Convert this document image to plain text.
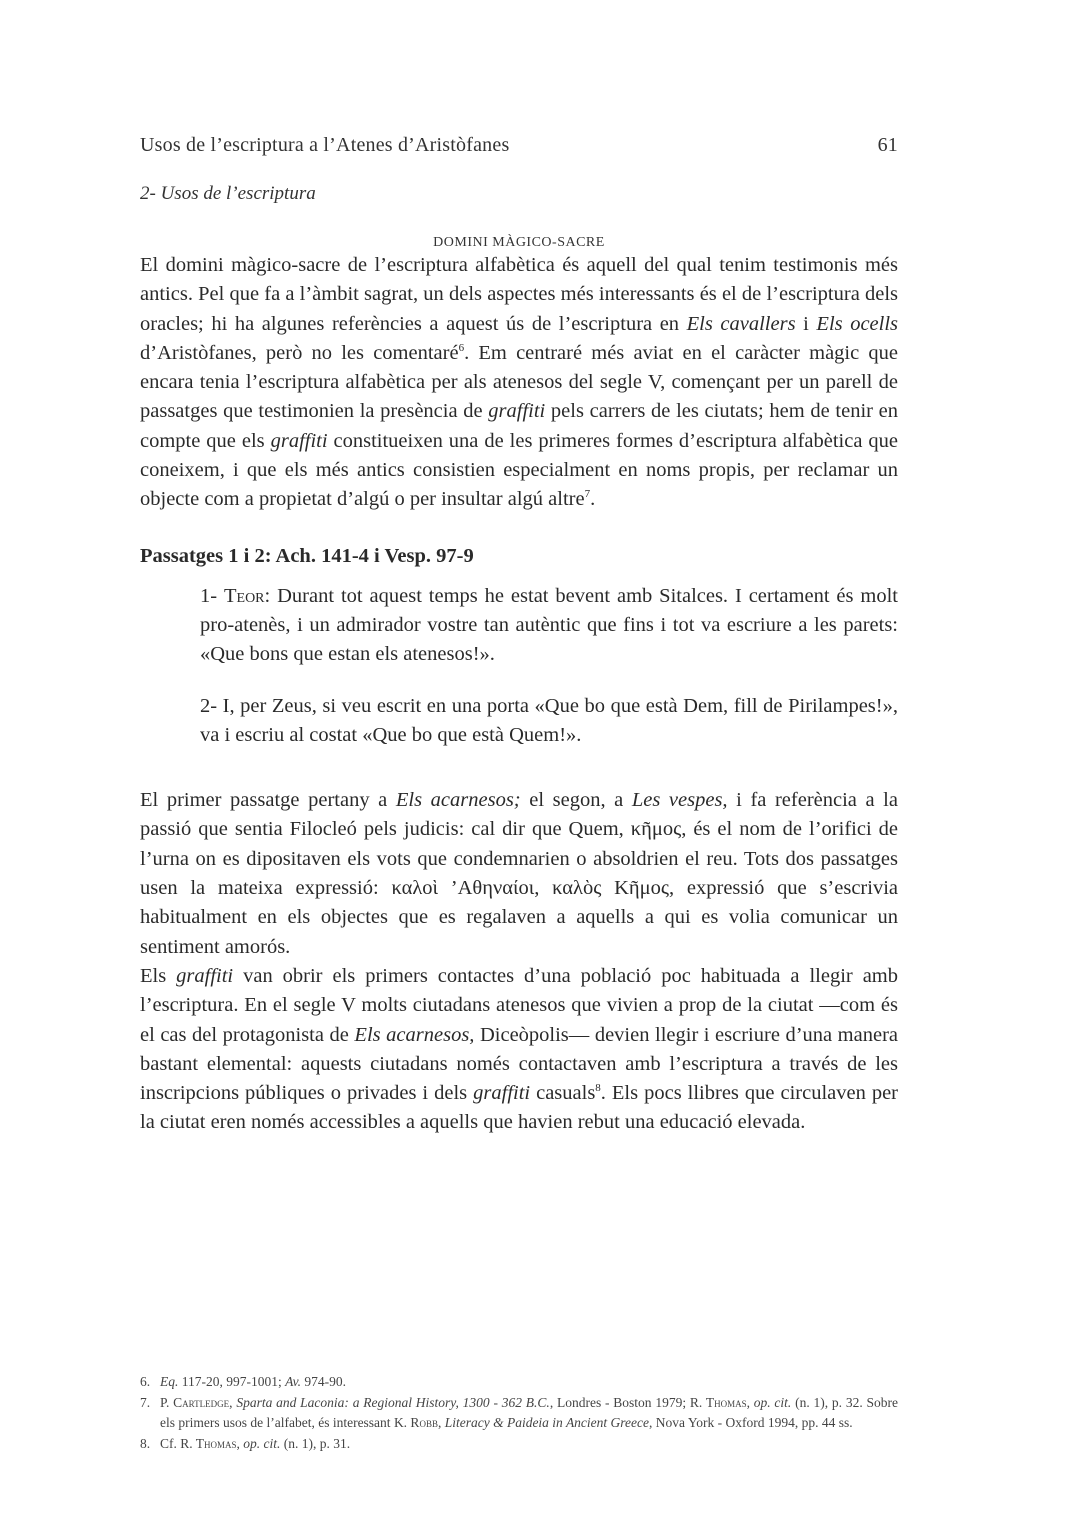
Usos de l’escriptura a l’Atenes d’Aristòfanes	61
2- Usos de l’escriptura
DOMINI MÀGICO-SACRE

El domini màgico-sacre de l’escriptura alfabètica és aquell del qual tenim testimonis més antics. Pel que fa a l’àmbit sagrat, un dels aspectes més interessants és el de l’escriptura dels oracles; hi ha algunes referències a aquest ús de l’escriptura en Els cavallers i Els ocells d’Aristòfanes, però no les comentaré$^6$. Em centraré més aviat en el caràcter màgic que encara tenia l’escriptura alfabètica per als atenesos del segle V, començant per un parell de passatges que testimonien la presència de graffiti pels carrers de les ciutats; hem de tenir en compte que els graffiti constitueixen una de les primeres formes d’escriptura alfabètica que coneixem, i que els més antics consistien especialment en noms propis, per reclamar un objecte com a propietat d’algú o per insultar algú altre$^7$.

Passatges 1 i 2: Ach. 141-4 i Vesp. 97-9
1- Teor: Durant tot aquest temps he estat bevent amb Sitalces. I certament és molt pro-atenès, i un admirador vostre tan autèntic que fins i tot va escriure a les parets: «Que bons que estan els atenesos!».
2- I, per Zeus, si veu escrit en una porta «Que bo que està Dem, fill de Pirilampes!», va i escriu al costat «Que bo que està Quem!».

El primer passatge pertany a Els acarnesos; el segon, a Les vespes, i fa referència a la passió que sentia Filocleó pels judicis: cal dir que Quem, κῆμος, és el nom de l’orifici de l’urna on es dipositaven els vots que condemnarien o absoldrien el reu. Tots dos passatges usen la mateixa expressió: καλοὶ ’Αθηναίοι, καλὸς Κῆμος, expressió que s’escrivia habitualment en els objectes que es regalaven a aquells a qui es volia comunicar un sentiment amorós.

Els graffiti van obrir els primers contactes d’una població poc habituada a llegir amb l’escriptura. En el segle V molts ciutadans atenesos que vivien a prop de la ciutat —com és el cas del protagonista de Els acarnesos, Diceòpolis— devien llegir i escriure d’una manera bastant elemental: aquests ciutadans només contactaven amb l’escriptura a través de les inscripcions públiques o privades i dels graffiti casuals$^8$. Els pocs llibres que circulaven per la ciutat eren només accessibles a aquells que havien rebut una educació elevada.

6. Eq. 117-20, 997-1001; Av. 974-90.
7. P. Cartledge, Sparta and Laconia: a Regional History, 1300 - 362 B.C., Londres - Boston 1979; R. Thomas, op. cit. (n. 1), p. 32. Sobre els primers usos de l’alfabet, és interessant K. Robb, Literacy & Paideia in Ancient Greece, Nova York - Oxford 1994, pp. 44 ss.
8. Cf. R. Thomas, op. cit. (n. 1), p. 31.
